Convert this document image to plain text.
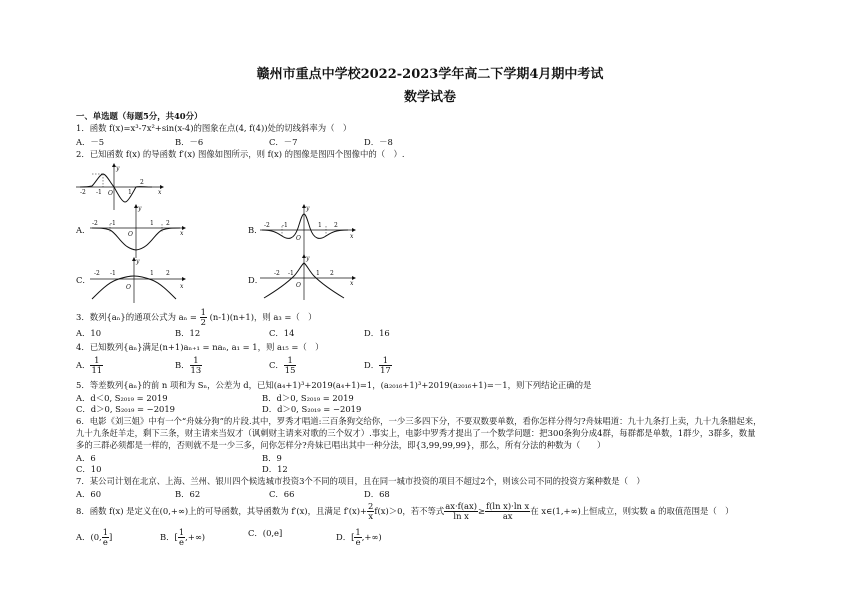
赣州市重点中学校2022-2023学年高二下学期4月期中考试
数学试卷
一、单选题（每题5分，共40分）
1．函数 f(x)=x³-7x²+sin(x-4)的图象在点(4, f(4))处的切线斜率为（　）
A．－5	B．－6	C．－7	D．－8
2．已知函数 f(x) 的导函数 f′(x) 图像如图所示，则 f(x) 的图像是图四个图像中的（　）.
-2 -1	1
2
y
x
O
A．
-2 -1	1 2
y
x
O	B． -2 -1	1 2
y
x
O
C．
-2 -1	1 2
y
x
O
D．
-2 -1	1 2
y
x
O
3．数列{aₙ}的通项公式为 $a_n = \frac{1}{2} (n-1)(n+1)$，则 a₃ =（　）
A．10	B．12	C．14	D．16
4．已知数列{aₙ}满足(n+1)aₙ₊₁ = naₙ, a₁ = 1，则 a₁₅ =（　）
A． $\frac{1}{11}$	B． $\frac{1}{13}$	C． $\frac{1}{15}$	D． $\frac{1}{17}$
5．等差数列{aₙ}的前 n 项和为 Sₙ，公差为 d，已知(a₄+1)³+2019(a₄+1)=1，(a₂₀₁₆+1)³+2019(a₂₀₁₆+1)=－1，则下列结论正确的是
A．d＜0, S₂₀₁₉ = 2019	B．d＞0, S₂₀₁₉ = 2019
C．d＞0, S₂₀₁₉ = −2019	D．d＞0, S₂₀₁₉ = −2019
6．电影《刘三姐》中有一个“舟妹分狗”的片段.其中，罗秀才唱道:三百条狗交给你，一少三多四下分，不要双数要单数，看你怎样分得匀?舟妹唱道：九十九条打上卖，九十九条腊起来，
九十九条赶羊走，剩下三条，财主请来当奴才（讽刺财主请来对歌的三个奴才）.事实上，电影中罗秀才提出了一个数学问题：把300条狗分成4群，每群都是单数，1群少，3群多，数量
多的三群必须都是一样的，否则就不是一少三多，问你怎样分?舟妹已唱出其中一种分法，即{3,99,99,99}，那么，所有分法的种数为（　　）
A．6	B．9
C．10	D．12
7．某公司计划在北京、上海、兰州、银川四个候选城市投资3个不同的项目，且在同一城市投资的项目不超过2个，则该公司不同的投资方案种数是（　）
A．60	B．62	C．66	D．68
8．函数 f(x) 是定义在(0,+∞)上的可导函数，其导函数为 f′(x)，且满足 $f'(x)+ \frac{2}{x} f(x)>0$，若不等式 $\frac{ax\cdot f(ax)}{\text{ln x}} \ge \frac{\text{f(ln x)·ln x}}{ax}$ 在 x∈(1,+∞)上恒成立，则实数 a 的取值范围是（　）
A．(0, $\frac{1}{e}$ ]	B．[ $\frac{1}{e}$ ,+∞)	C．(0,e]	D．[ $\frac{1}{e}$ ,+∞)
